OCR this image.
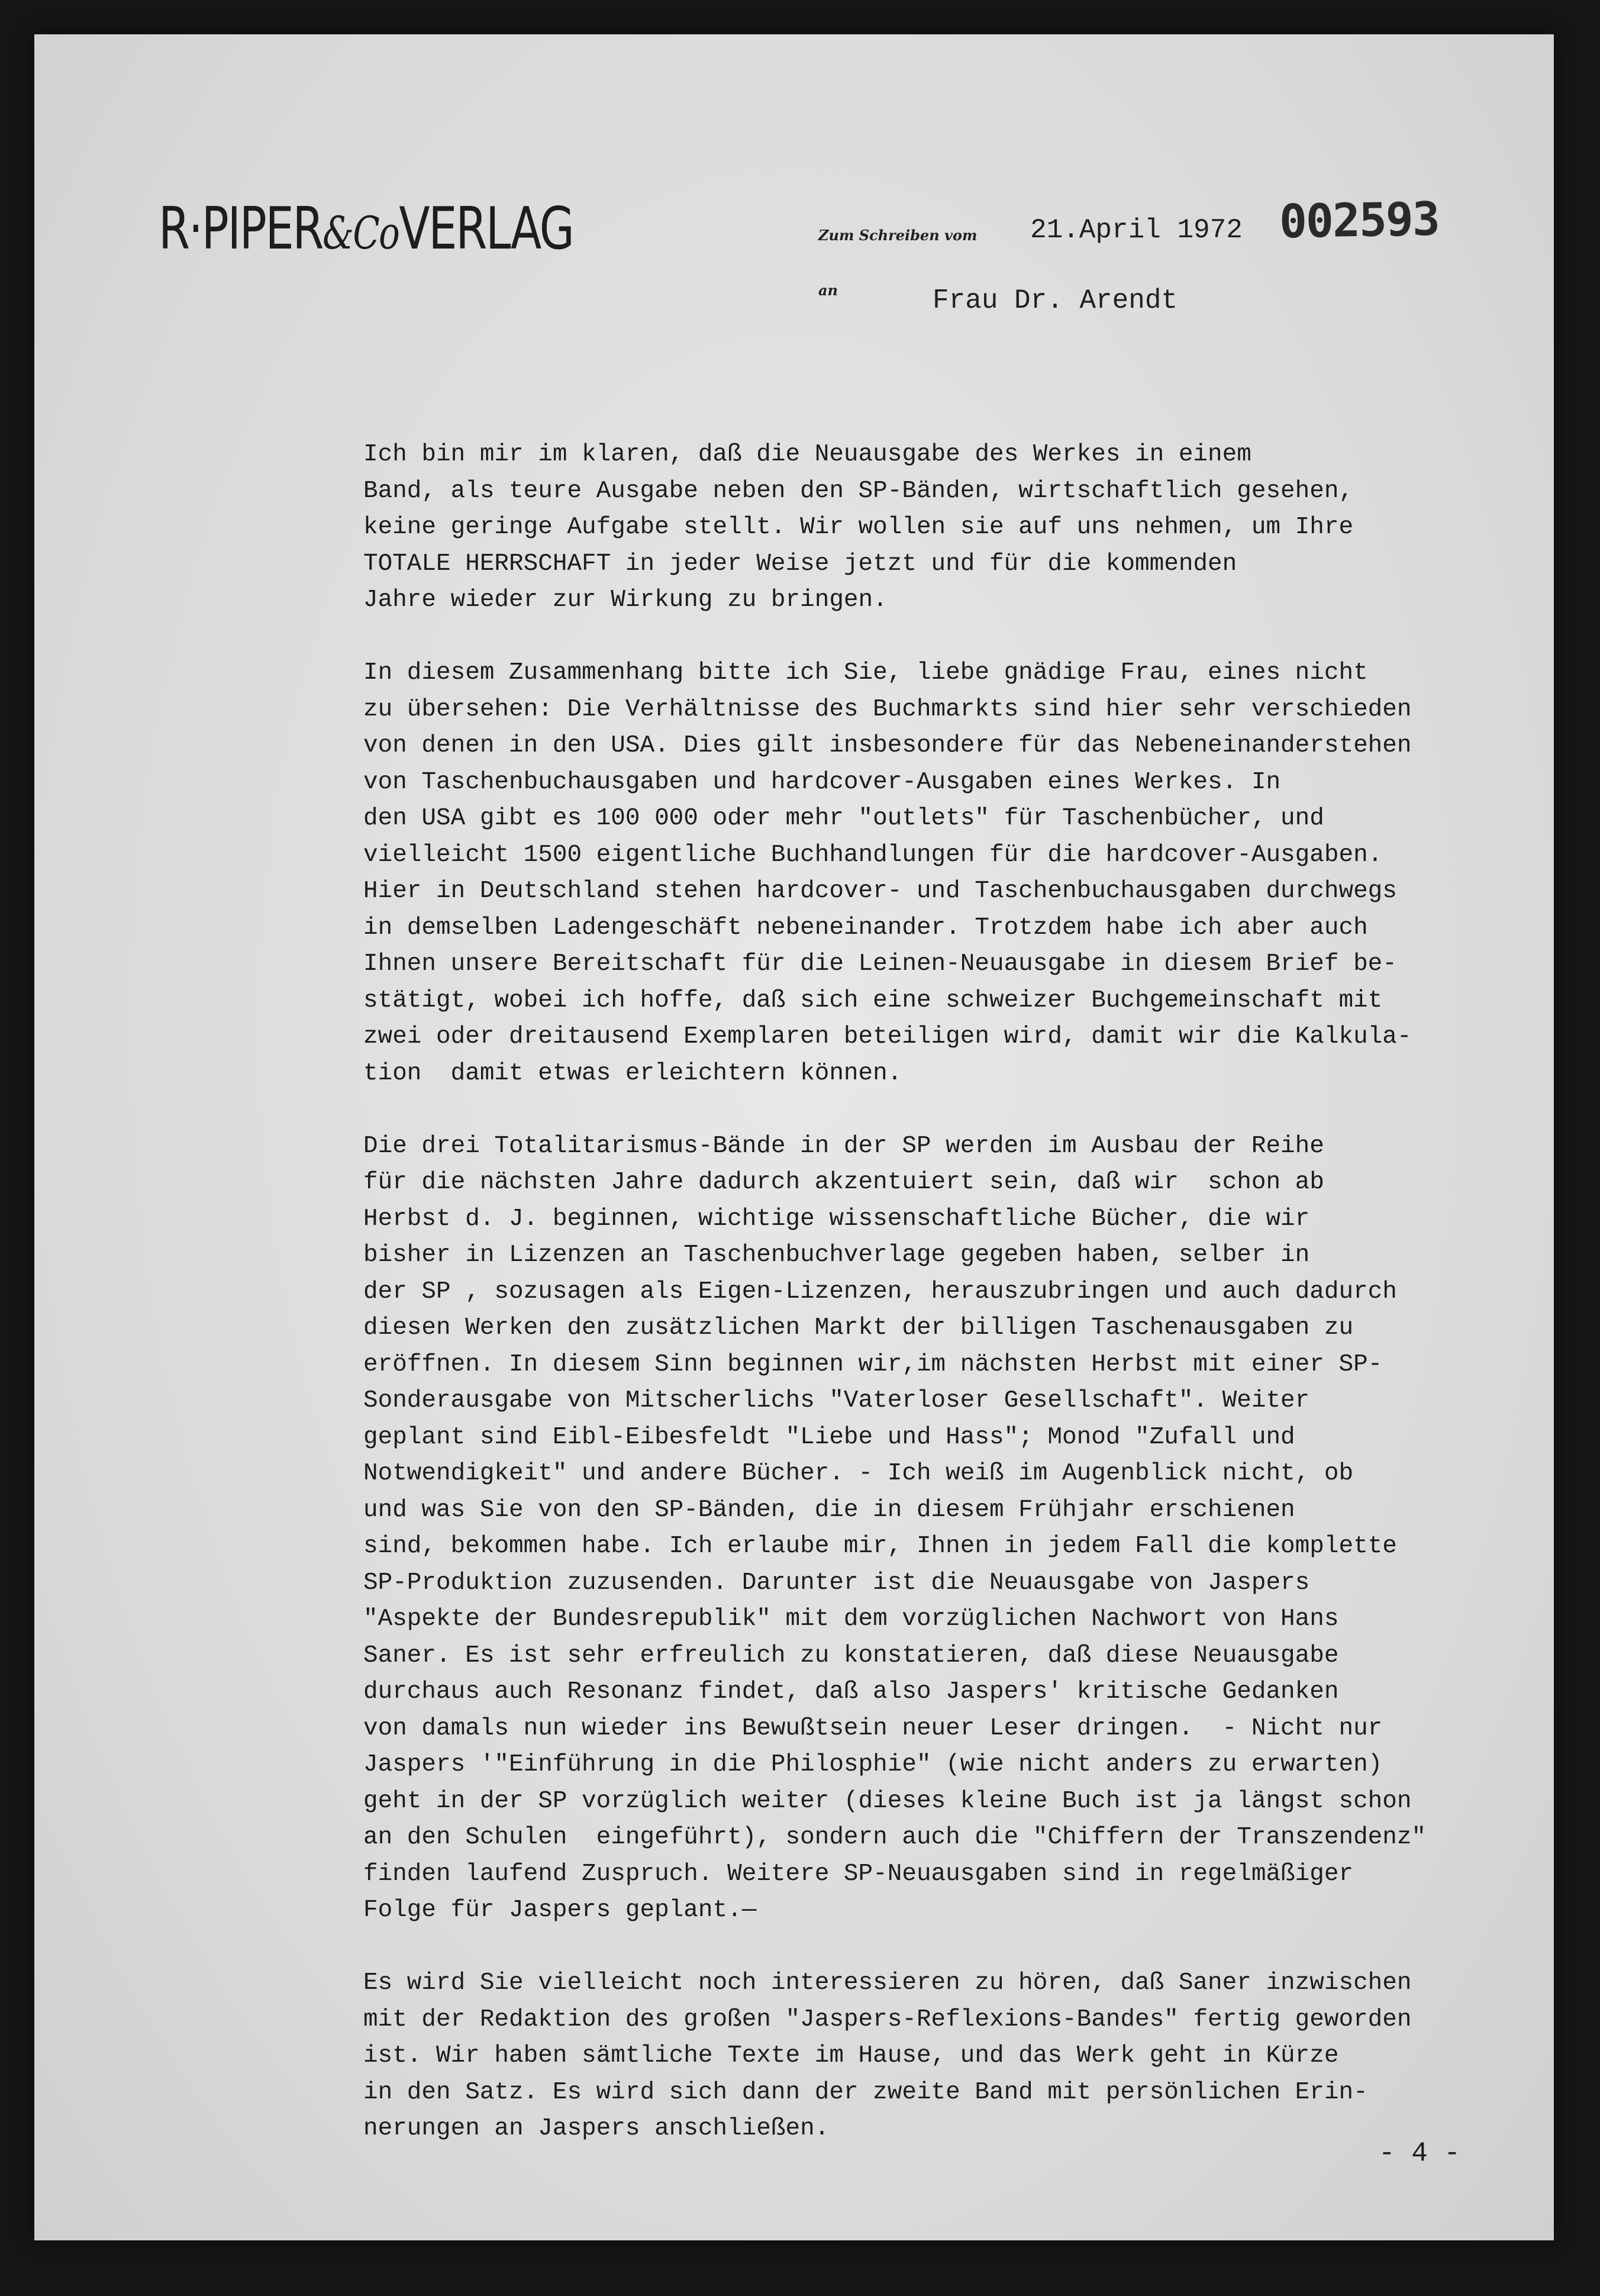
R·PIPER&CoVERLAG	Zum Schreiben vom 21.April 1972 002593
an	Frau Dr. Arendt
Ich bin mir im klaren, daß die Neuausgabe des Werkes in einem
Band, als teure Ausgabe neben den SP-Bänden, wirtschaftlich gesehen,
keine geringe Aufgabe stellt. Wir wollen sie auf uns nehmen, um Ihre
TOTALE HERRSCHAFT in jeder Weise jetzt und für die kommenden
Jahre wieder zur Wirkung zu bringen.
In diesem Zusammenhang bitte ich Sie, liebe gnädige Frau, eines nicht
zu übersehen: Die Verhältnisse des Buchmarkts sind hier sehr verschieden
von denen in den USA. Dies gilt insbesondere für das Nebeneinanderstehen
von Taschenbuchausgaben und hardcover-Ausgaben eines Werkes. In
den USA gibt es 100 000 oder mehr "outlets" für Taschenbücher, und
vielleicht 1500 eigentliche Buchhandlungen für die hardcover-Ausgaben.
Hier in Deutschland stehen hardcover- und Taschenbuchausgaben durchwegs
in demselben Ladengeschäft nebeneinander. Trotzdem habe ich aber auch
Ihnen unsere Bereitschaft für die Leinen-Neuausgabe in diesem Brief be-
stätigt, wobei ich hoffe, daß sich eine schweizer Buchgemeinschaft mit
zwei oder dreitausend Exemplaren beteiligen wird, damit wir die Kalkula-
tion  damit etwas erleichtern können.
Die drei Totalitarismus-Bände in der SP werden im Ausbau der Reihe
für die nächsten Jahre dadurch akzentuiert sein, daß wir  schon ab
Herbst d. J. beginnen, wichtige wissenschaftliche Bücher, die wir
bisher in Lizenzen an Taschenbuchverlage gegeben haben, selber in
der SP , sozusagen als Eigen-Lizenzen, herauszubringen und auch dadurch
diesen Werken den zusätzlichen Markt der billigen Taschenausgaben zu
eröffnen. In diesem Sinn beginnen wir,im nächsten Herbst mit einer SP-
Sonderausgabe von Mitscherlichs "Vaterloser Gesellschaft". Weiter
geplant sind Eibl-Eibesfeldt "Liebe und Hass"; Monod "Zufall und
Notwendigkeit" und andere Bücher. - Ich weiß im Augenblick nicht, ob
und was Sie von den SP-Bänden, die in diesem Frühjahr erschienen
sind, bekommen habe. Ich erlaube mir, Ihnen in jedem Fall die komplette
SP-Produktion zuzusenden. Darunter ist die Neuausgabe von Jaspers
"Aspekte der Bundesrepublik" mit dem vorzüglichen Nachwort von Hans
Saner. Es ist sehr erfreulich zu konstatieren, daß diese Neuausgabe
durchaus auch Resonanz findet, daß also Jaspers' kritische Gedanken
von damals nun wieder ins Bewußtsein neuer Leser dringen.  - Nicht nur
Jaspers '"Einführung in die Philosphie" (wie nicht anders zu erwarten)
geht in der SP vorzüglich weiter (dieses kleine Buch ist ja längst schon
an den Schulen  eingeführt), sondern auch die "Chiffern der Transzendenz"
finden laufend Zuspruch. Weitere SP-Neuausgaben sind in regelmäßiger
Folge für Jaspers geplant.—
Es wird Sie vielleicht noch interessieren zu hören, daß Saner inzwischen
mit der Redaktion des großen "Jaspers-Reflexions-Bandes" fertig geworden
ist. Wir haben sämtliche Texte im Hause, und das Werk geht in Kürze
in den Satz. Es wird sich dann der zweite Band mit persönlichen Erin-
nerungen an Jaspers anschließen.
- 4 -
